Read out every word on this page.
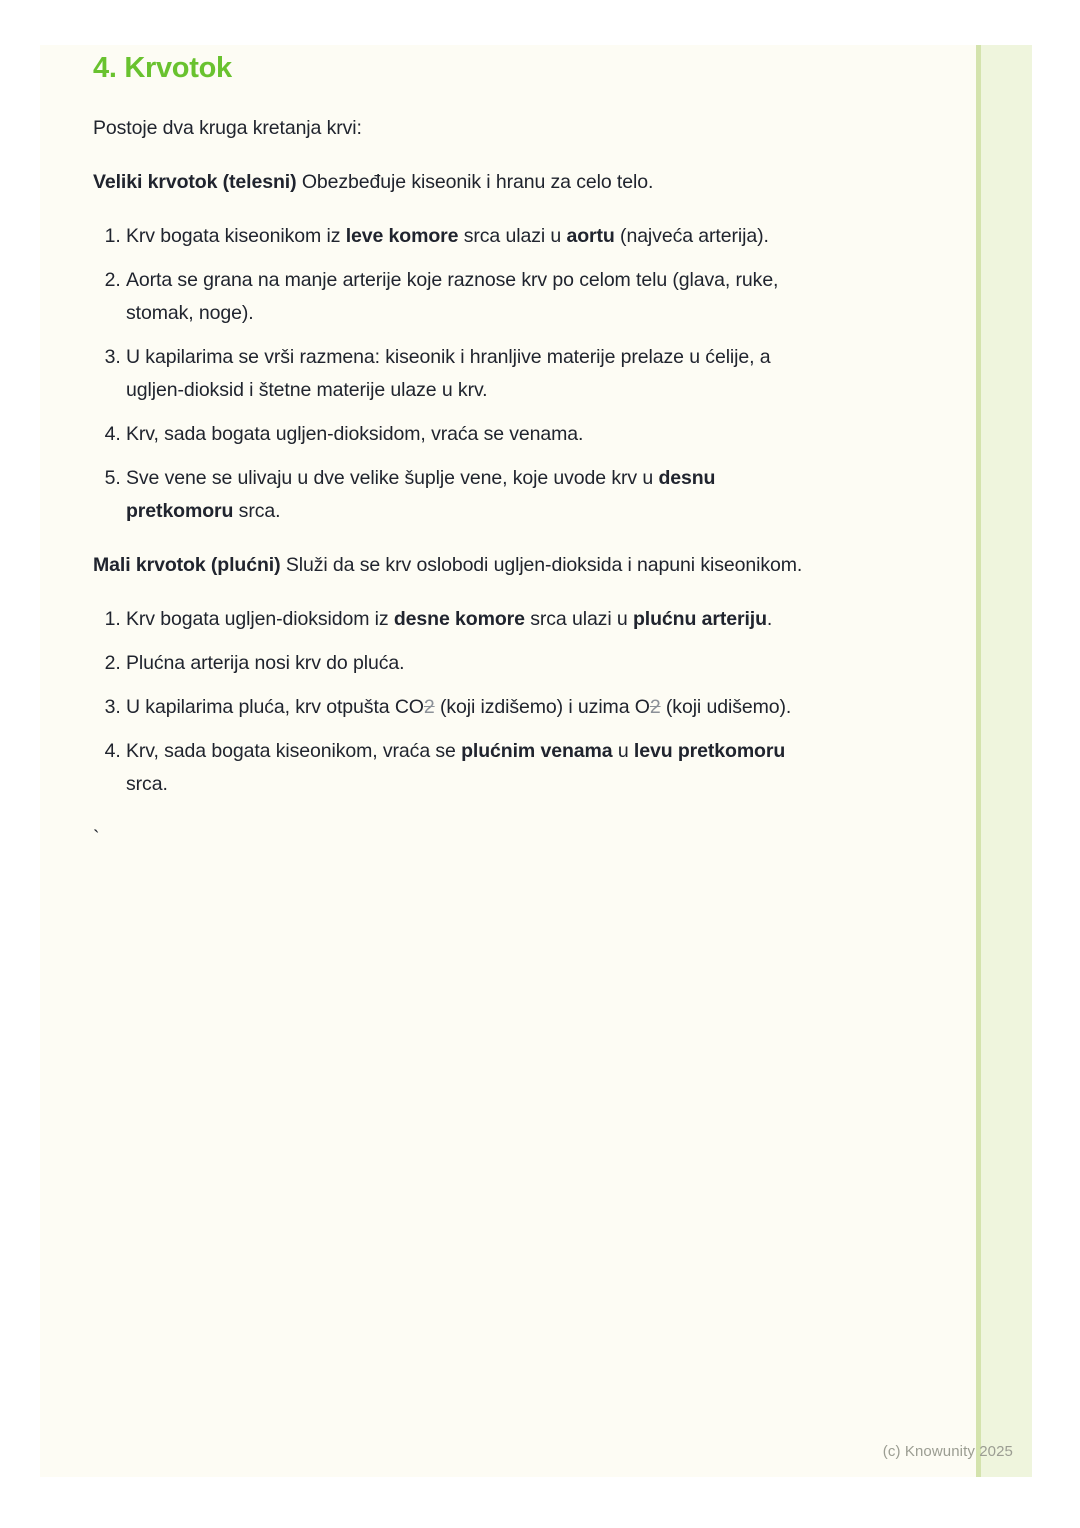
4. Krvotok

Postoje dva kruga kretanja krvi:

Veliki krvotok (telesni) Obezbeđuje kiseonik i hranu za celo telo.

1. Krv bogata kiseonikom iz leve komore srca ulazi u aortu (najveća arterija).
2. Aorta se grana na manje arterije koje raznose krv po celom telu (glava, ruke, stomak, noge).
3. U kapilarima se vrši razmena: kiseonik i hranljive materije prelaze u ćelije, a ugljen-dioksid i štetne materije ulaze u krv.
4. Krv, sada bogata ugljen-dioksidom, vraća se venama.
5. Sve vene se ulivaju u dve velike šuplje vene, koje uvode krv u desnu pretkomoru srca.

Mali krvotok (plućni) Služi da se krv oslobodi ugljen-dioksida i napuni kiseonikom.

1. Krv bogata ugljen-dioksidom iz desne komore srca ulazi u plućnu arteriju.
2. Plućna arterija nosi krv do pluća.
3. U kapilarima pluća, krv otpušta CO2 (koji izdišemo) i uzima O2 (koji udišemo).
4. Krv, sada bogata kiseonikom, vraća se plućnim venama u levu pretkomoru srca.

`

(c) Knowunity 2025
